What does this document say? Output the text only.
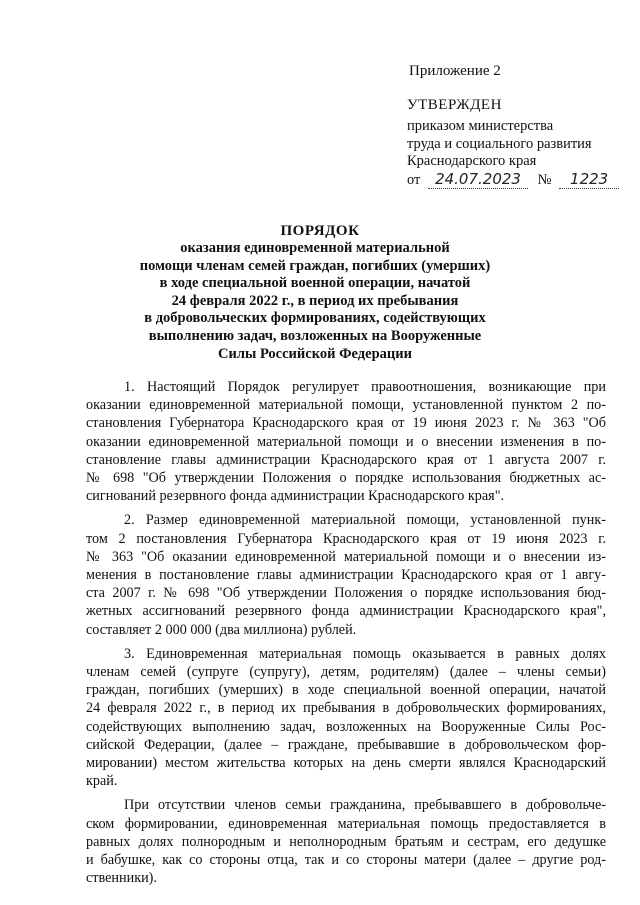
Приложение 2
УТВЕРЖДЕН
приказом министерства
труда и социального развития
Краснодарского края
от 24.07.2023 № 1223
ПОРЯДОК
оказания единовременной материальной
помощи членам семей граждан, погибших (умерших)
в ходе специальной военной операции, начатой
24 февраля 2022 г., в период их пребывания
в добровольческих формированиях, содействующих
выполнению задач, возложенных на Вооруженные
Силы Российской Федерации

1. Настоящий Порядок регулирует правоотношения, возникающие при
оказании единовременной материальной помощи, установленной пунктом 2 по-
становления Губернатора Краснодарского края от 19 июня 2023 г. № 363 "Об
оказании единовременной материальной помощи и о внесении изменения в по-
становление главы администрации Краснодарского края от 1 августа 2007 г.
№ 698 "Об утверждении Положения о порядке использования бюджетных ас-
сигнований резервного фонда администрации Краснодарского края".

2. Размер единовременной материальной помощи, установленной пунк-
том 2 постановления Губернатора Краснодарского края от 19 июня 2023 г.
№ 363 "Об оказании единовременной материальной помощи и о внесении из-
менения в постановление главы администрации Краснодарского края от 1 авгу-
ста 2007 г. № 698 "Об утверждении Положения о порядке использования бюд-
жетных ассигнований резервного фонда администрации Краснодарского края",
составляет 2 000 000 (два миллиона) рублей.

3. Единовременная материальная помощь оказывается в равных долях
членам семей (супруге (супругу), детям, родителям) (далее – члены семьи)
граждан, погибших (умерших) в ходе специальной военной операции, начатой
24 февраля 2022 г., в период их пребывания в добровольческих формированиях,
содействующих выполнению задач, возложенных на Вооруженные Силы Рос-
сийской Федерации, (далее – граждане, пребывавшие в добровольческом фор-
мировании) местом жительства которых на день смерти являлся Краснодарский
край.

При отсутствии членов семьи гражданина, пребывавшего в добровольче-
ском формировании, единовременная материальная помощь предоставляется в
равных долях полнородным и неполнородным братьям и сестрам, его дедушке
и бабушке, как со стороны отца, так и со стороны матери (далее – другие род-
ственники).
